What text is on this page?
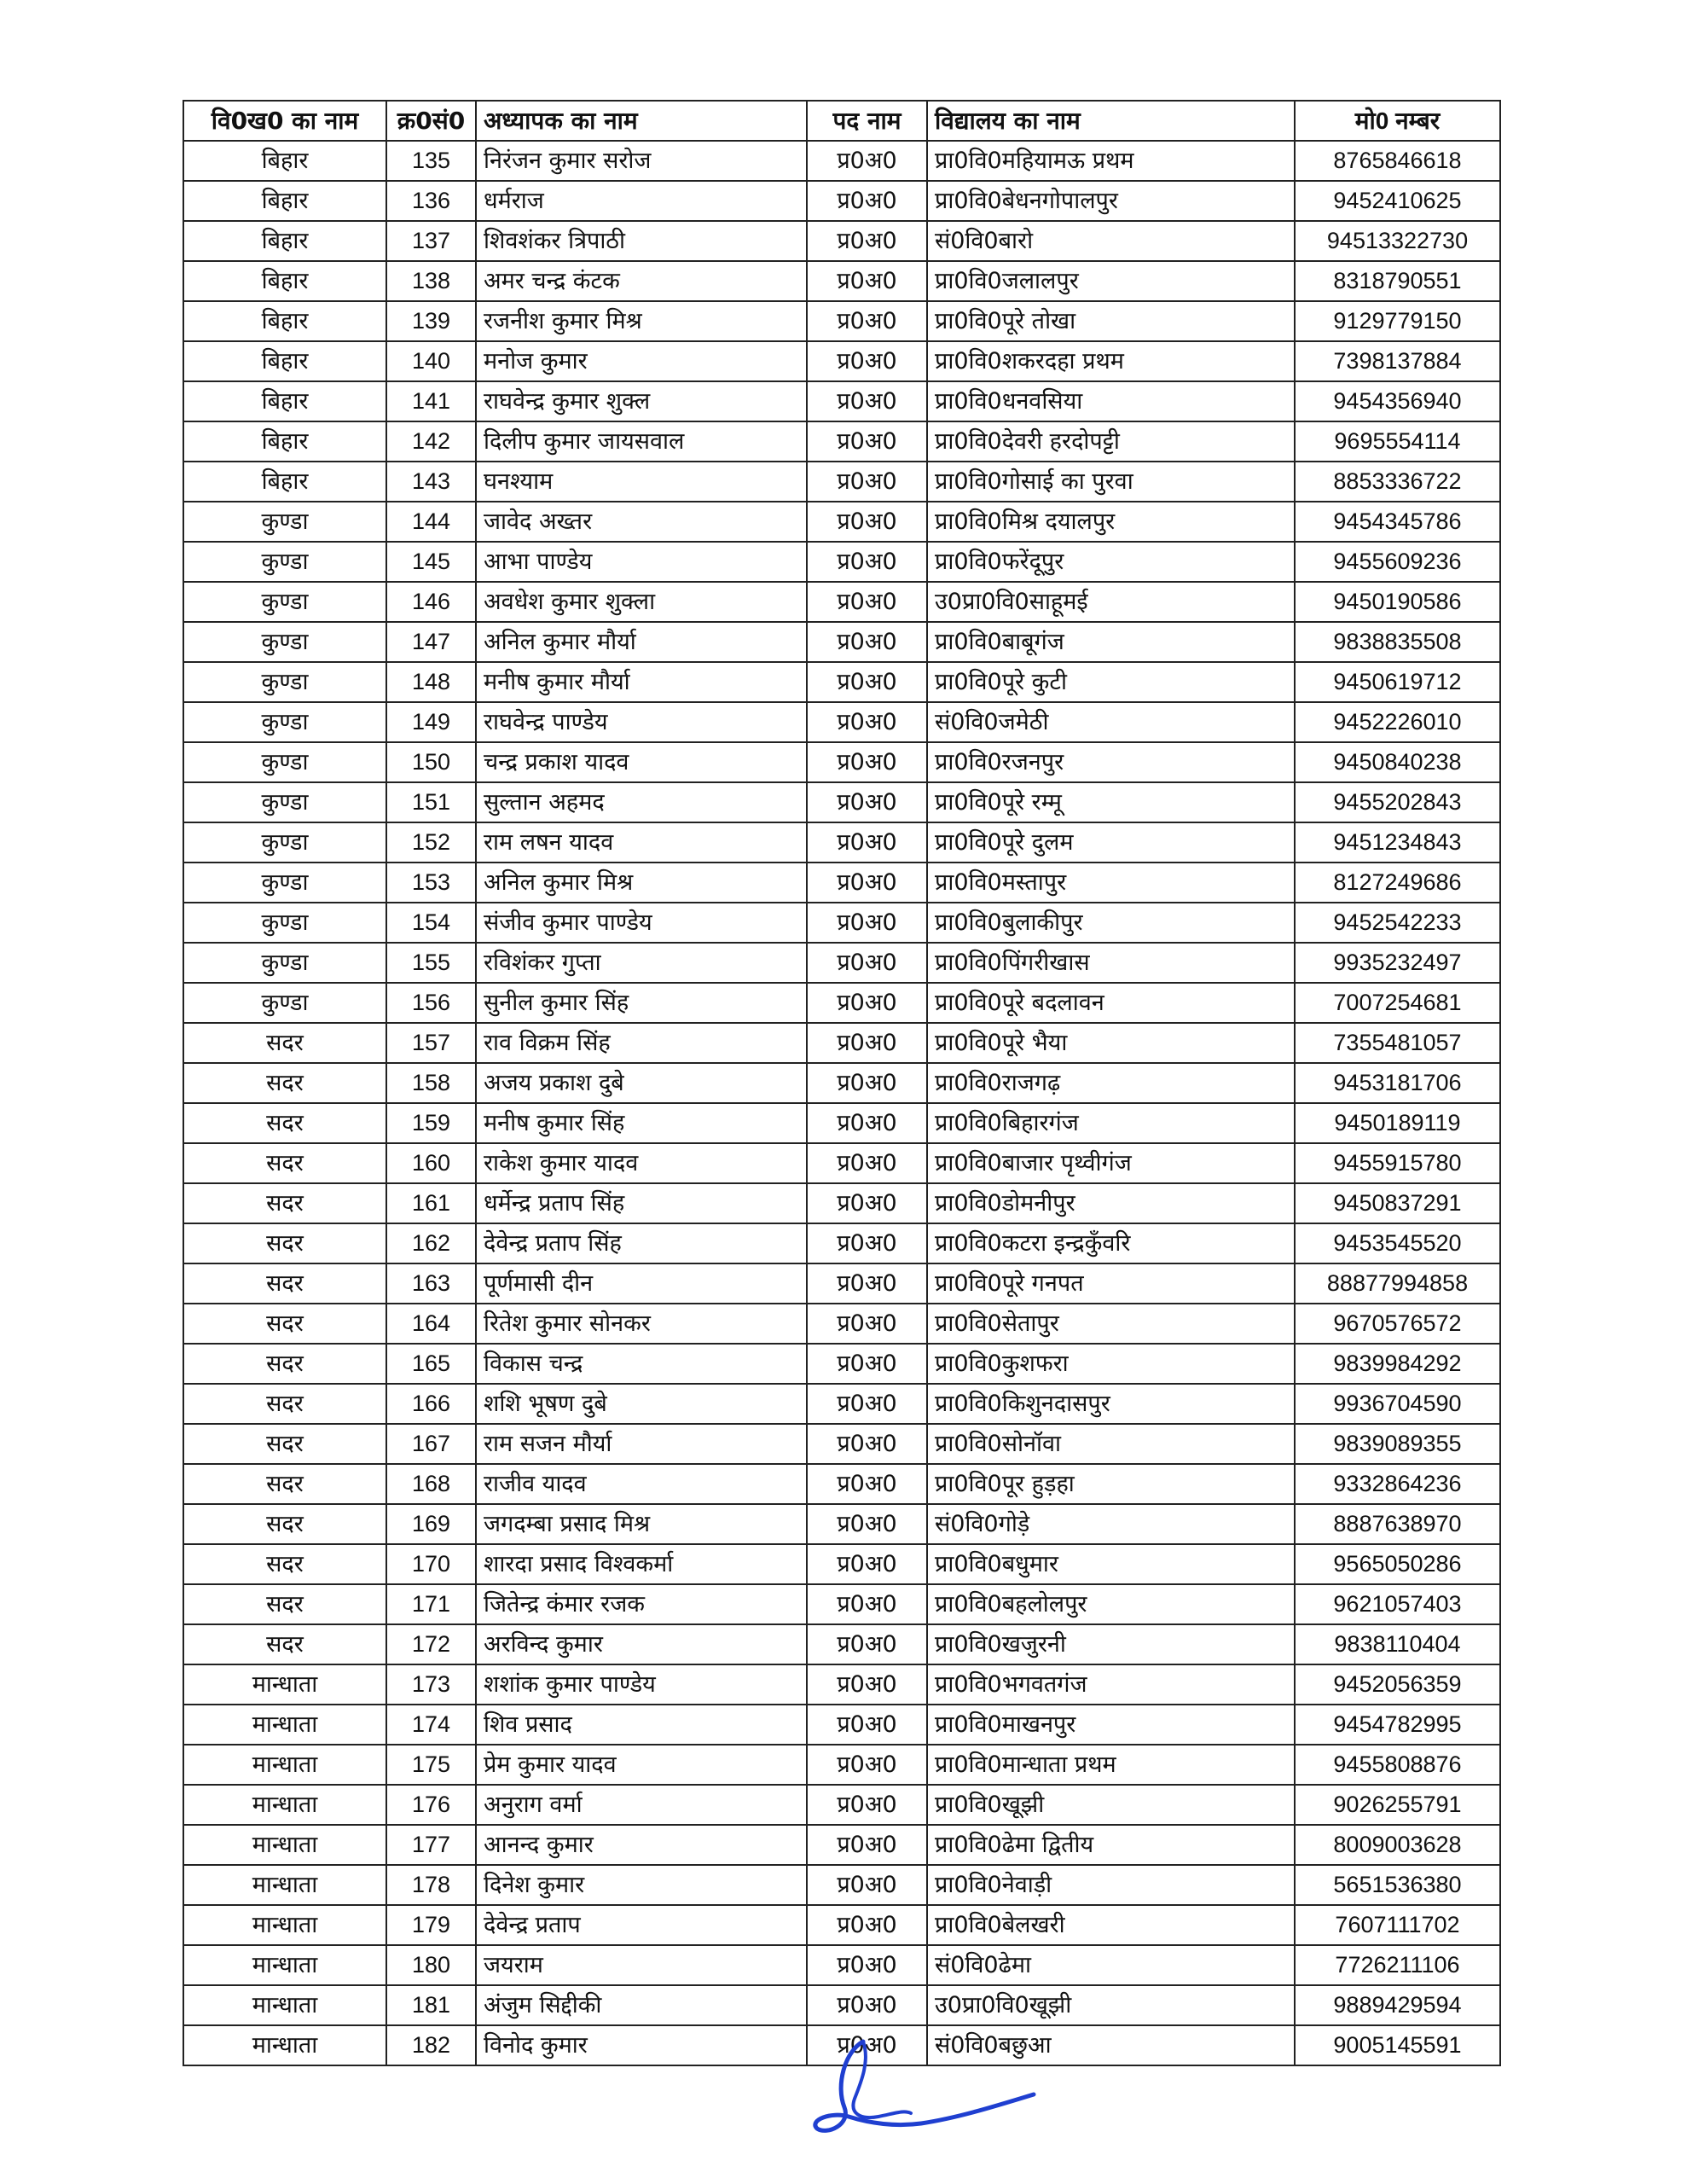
वि0ख0 का नाम	क्र0सं0	अध्यापक का नाम	पद नाम	विद्यालय का नाम	मो0 नम्बर
बिहार	135	निरंजन कुमार सरोज	प्र0अ0	प्रा0वि0महियामऊ प्रथम	8765846618
बिहार	136	धर्मराज	प्र0अ0	प्रा0वि0बेधनगोपालपुर	9452410625
बिहार	137	शिवशंकर त्रिपाठी	प्र0अ0	सं0वि0बारो	94513322730
बिहार	138	अमर चन्द्र कंटक	प्र0अ0	प्रा0वि0जलालपुर	8318790551
बिहार	139	रजनीश कुमार मिश्र	प्र0अ0	प्रा0वि0पूरे तोखा	9129779150
बिहार	140	मनोज कुमार	प्र0अ0	प्रा0वि0शकरदहा प्रथम	7398137884
बिहार	141	राघवेन्द्र कुमार शुक्ल	प्र0अ0	प्रा0वि0धनवसिया	9454356940
बिहार	142	दिलीप कुमार जायसवाल	प्र0अ0	प्रा0वि0देवरी हरदोपट्टी	9695554114
बिहार	143	घनश्याम	प्र0अ0	प्रा0वि0गोसाई का पुरवा	8853336722
कुण्डा	144	जावेद अख्तर	प्र0अ0	प्रा0वि0मिश्र दयालपुर	9454345786
कुण्डा	145	आभा पाण्डेय	प्र0अ0	प्रा0वि0फरेंदूपुर	9455609236
कुण्डा	146	अवधेश कुमार शुक्ला	प्र0अ0	उ0प्रा0वि0साहूमई	9450190586
कुण्डा	147	अनिल कुमार मौर्या	प्र0अ0	प्रा0वि0बाबूगंज	9838835508
कुण्डा	148	मनीष कुमार मौर्या	प्र0अ0	प्रा0वि0पूरे कुटी	9450619712
कुण्डा	149	राघवेन्द्र पाण्डेय	प्र0अ0	सं0वि0जमेठी	9452226010
कुण्डा	150	चन्द्र प्रकाश यादव	प्र0अ0	प्रा0वि0रजनपुर	9450840238
कुण्डा	151	सुल्तान अहमद	प्र0अ0	प्रा0वि0पूरे रम्मू	9455202843
कुण्डा	152	राम लषन यादव	प्र0अ0	प्रा0वि0पूरे दुलम	9451234843
कुण्डा	153	अनिल कुमार मिश्र	प्र0अ0	प्रा0वि0मस्तापुर	8127249686
कुण्डा	154	संजीव कुमार पाण्डेय	प्र0अ0	प्रा0वि0बुलाकीपुर	9452542233
कुण्डा	155	रविशंकर गुप्ता	प्र0अ0	प्रा0वि0पिंगरीखास	9935232497
कुण्डा	156	सुनील कुमार सिंह	प्र0अ0	प्रा0वि0पूरे बदलावन	7007254681
सदर	157	राव विक्रम सिंह	प्र0अ0	प्रा0वि0पूरे भैया	7355481057
सदर	158	अजय प्रकाश दुबे	प्र0अ0	प्रा0वि0राजगढ़	9453181706
सदर	159	मनीष कुमार सिंह	प्र0अ0	प्रा0वि0बिहारगंज	9450189119
सदर	160	राकेश कुमार यादव	प्र0अ0	प्रा0वि0बाजार पृथ्वीगंज	9455915780
सदर	161	धर्मेन्द्र प्रताप सिंह	प्र0अ0	प्रा0वि0डोमनीपुर	9450837291
सदर	162	देवेन्द्र प्रताप सिंह	प्र0अ0	प्रा0वि0कटरा इन्द्रकुँवरि	9453545520
सदर	163	पूर्णमासी दीन	प्र0अ0	प्रा0वि0पूरे गनपत	88877994858
सदर	164	रितेश कुमार सोनकर	प्र0अ0	प्रा0वि0सेतापुर	9670576572
सदर	165	विकास चन्द्र	प्र0अ0	प्रा0वि0कुशफरा	9839984292
सदर	166	शशि भूषण दुबे	प्र0अ0	प्रा0वि0किशुनदासपुर	9936704590
सदर	167	राम सजन मौर्या	प्र0अ0	प्रा0वि0सोनॉवा	9839089355
सदर	168	राजीव यादव	प्र0अ0	प्रा0वि0पूर हुड़हा	9332864236
सदर	169	जगदम्बा प्रसाद मिश्र	प्र0अ0	सं0वि0गोड़े	8887638970
सदर	170	शारदा प्रसाद विश्वकर्मा	प्र0अ0	प्रा0वि0बधुमार	9565050286
सदर	171	जितेन्द्र कंमार रजक	प्र0अ0	प्रा0वि0बहलोलपुर	9621057403
सदर	172	अरविन्द कुमार	प्र0अ0	प्रा0वि0खजुरनी	9838110404
मान्धाता	173	शशांक कुमार पाण्डेय	प्र0अ0	प्रा0वि0भगवतगंज	9452056359
मान्धाता	174	शिव प्रसाद	प्र0अ0	प्रा0वि0माखनपुर	9454782995
मान्धाता	175	प्रेम कुमार यादव	प्र0अ0	प्रा0वि0मान्धाता प्रथम	9455808876
मान्धाता	176	अनुराग वर्मा	प्र0अ0	प्रा0वि0खूझी	9026255791
मान्धाता	177	आनन्द कुमार	प्र0अ0	प्रा0वि0ढेमा द्वितीय	8009003628
मान्धाता	178	दिनेश कुमार	प्र0अ0	प्रा0वि0नेवाड़ी	5651536380
मान्धाता	179	देवेन्द्र प्रताप	प्र0अ0	प्रा0वि0बेलखरी	7607111702
मान्धाता	180	जयराम	प्र0अ0	सं0वि0ढेमा	7726211106
मान्धाता	181	अंजुम सिद्दीकी	प्र0अ0	उ0प्रा0वि0खूझी	9889429594
मान्धाता	182	विनोद कुमार	प्र0अ0	सं0वि0बछुआ	9005145591
